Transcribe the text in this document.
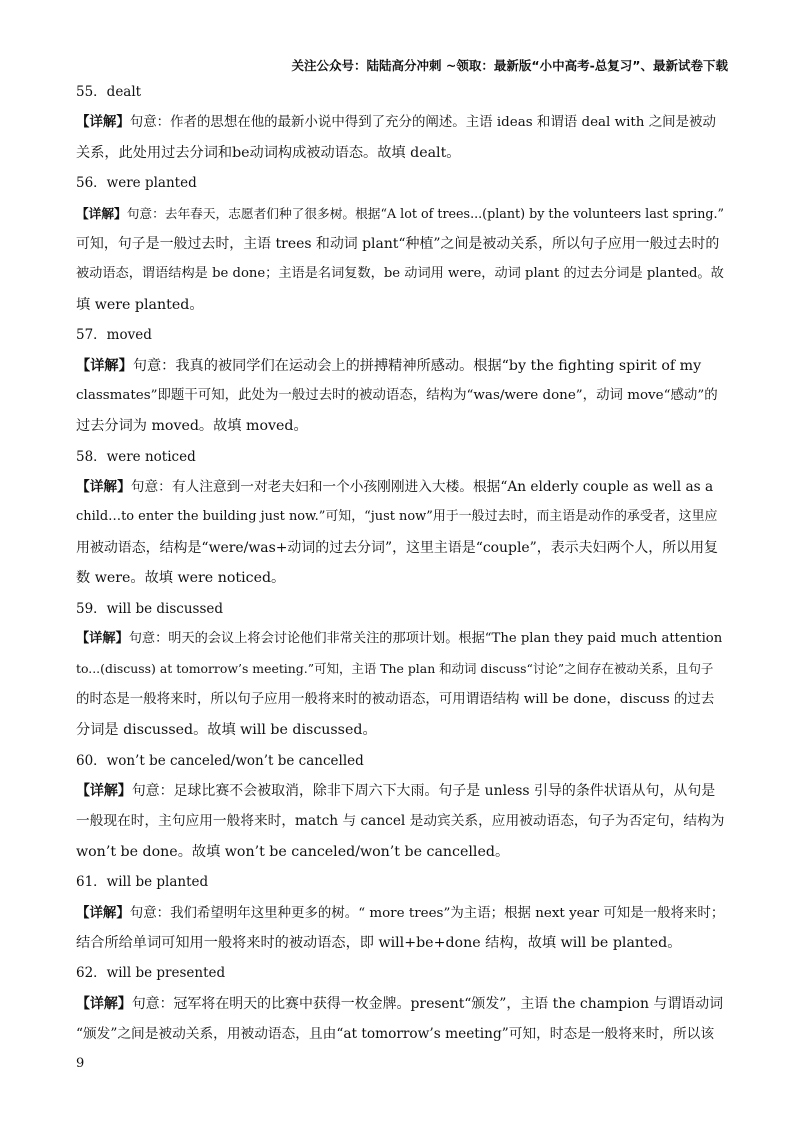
关注公众号：陆陆高分冲刺 ~领取：最新版“小中高考-总复习”、最新试卷下载
55．dealt
【详解】句意：作者的思想在他的最新小说中得到了充分的阐述。主语 ideas 和谓语 deal with 之间是被动
关系，此处用过去分词和be动词构成被动语态。故填 dealt。
56．were planted
【详解】句意：去年春天，志愿者们种了很多树。根据“A lot of trees...(plant) by the volunteers last spring.”
可知，句子是一般过去时，主语 trees 和动词 plant“种植”之间是被动关系，所以句子应用一般过去时的
被动语态，谓语结构是 be done；主语是名词复数，be 动词用 were，动词 plant 的过去分词是 planted。故
填 were planted。
57．moved
【详解】句意：我真的被同学们在运动会上的拼搏精神所感动。根据“by the fighting spirit of my
classmates”即题干可知，此处为一般过去时的被动语态，结构为“was/were done”，动词 move“感动”的
过去分词为 moved。故填 moved。
58．were noticed
【详解】句意：有人注意到一对老夫妇和一个小孩刚刚进入大楼。根据“An elderly couple as well as a
child…to enter the building just now.”可知，“just now”用于一般过去时，而主语是动作的承受者，这里应
用被动语态，结构是“were/was+动词的过去分词”，这里主语是“couple”，表示夫妇两个人，所以用复
数 were。故填 were noticed。
59．will be discussed
【详解】句意：明天的会议上将会讨论他们非常关注的那项计划。根据“The plan they paid much attention
to...(discuss) at tomorrow’s meeting.”可知，主语 The plan 和动词 discuss“讨论”之间存在被动关系，且句子
的时态是一般将来时，所以句子应用一般将来时的被动语态，可用谓语结构 will be done，discuss 的过去
分词是 discussed。故填 will be discussed。
60．won’t be canceled/won’t be cancelled
【详解】句意：足球比赛不会被取消，除非下周六下大雨。句子是 unless 引导的条件状语从句，从句是
一般现在时，主句应用一般将来时，match 与 cancel 是动宾关系，应用被动语态，句子为否定句，结构为
won’t be done。故填 won’t be canceled/won’t be cancelled。
61．will be planted
【详解】句意：我们希望明年这里种更多的树。“ more trees”为主语；根据 next year 可知是一般将来时；
结合所给单词可知用一般将来时的被动语态，即 will+be+done 结构，故填 will be planted。
62．will be presented
【详解】句意：冠军将在明天的比赛中获得一枚金牌。present“颁发”，主语 the champion 与谓语动词
“颁发”之间是被动关系，用被动语态，且由“at tomorrow’s meeting”可知，时态是一般将来时，所以该
9
